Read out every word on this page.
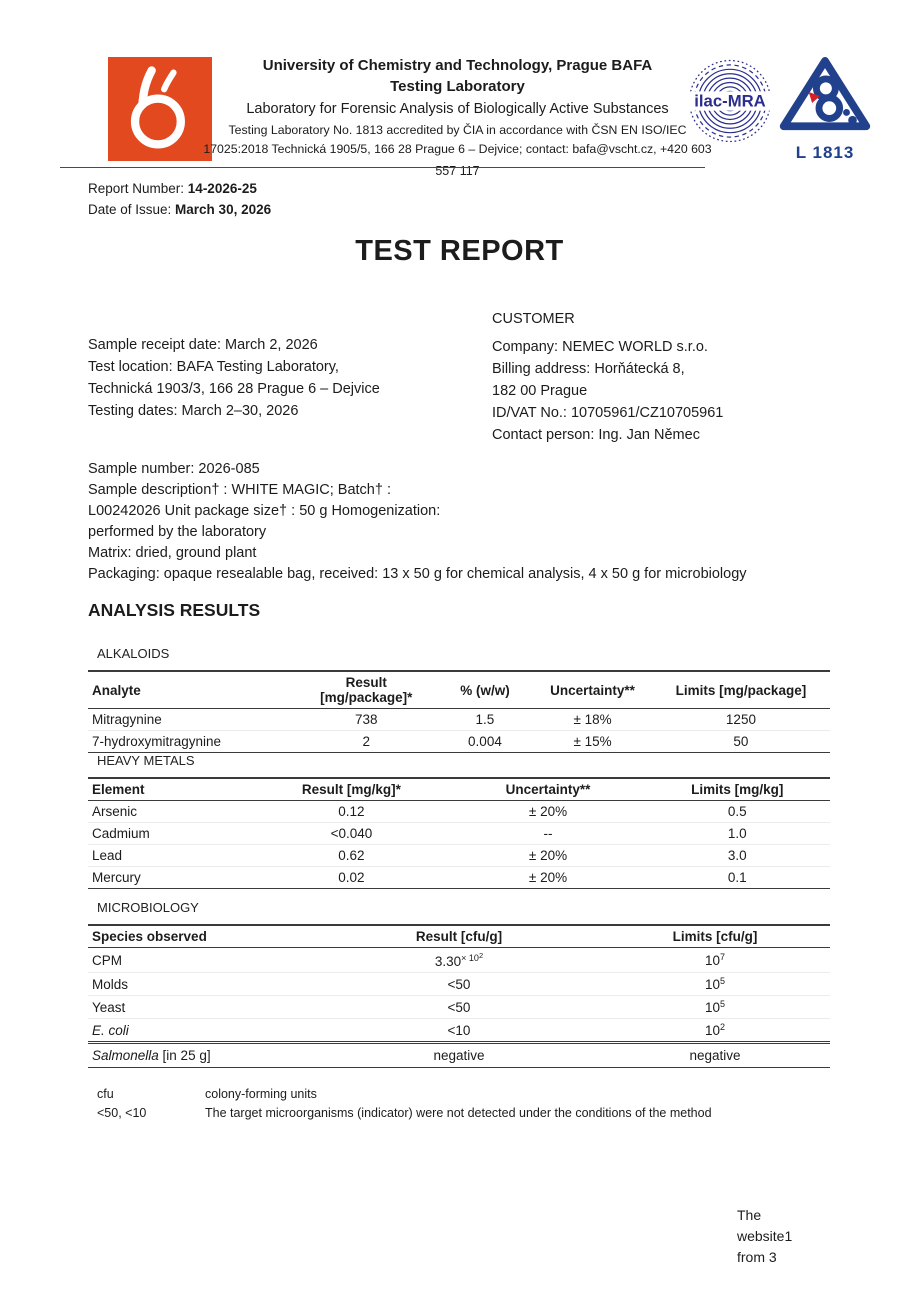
University of Chemistry and Technology, Prague BAFA
Testing Laboratory
Laboratory for Forensic Analysis of Biologically Active Substances
Testing Laboratory No. 1813 accredited by ČIA in accordance with ČSN EN ISO/IEC
17025:2018 Technická 1905/5, 166 28 Prague 6 – Dejvice; contact: bafa@vscht.cz, +420 603
557 117
ilac-MRA
L 1813
Report Number: 14-2026-25
Date of Issue: March 30, 2026
TEST REPORT
Sample receipt date: March 2, 2026
Test location: BAFA Testing Laboratory,
Technická 1903/3, 166 28 Prague 6 – Dejvice
Testing dates: March 2–30, 2026
CUSTOMER
Company: NEMEC WORLD s.r.o.
Billing address: Horňátecká 8,
182 00 Prague
ID/VAT No.: 10705961/CZ10705961
Contact person: Ing. Jan Němec
Sample number: 2026-085
Sample description† : WHITE MAGIC; Batch† :
L00242026 Unit package size† : 50 g Homogenization:
performed by the laboratory
Matrix: dried, ground plant
Packaging: opaque resealable bag, received: 13 x 50 g for chemical analysis, 4 x 50 g for microbiology
ANALYSIS RESULTS
ALKALOIDS
Analyte	Result [mg/package]*	% (w/w)	Uncertainty**	Limits [mg/package]
Mitragynine	738	1.5	± 18%	1250
7-hydroxymitragynine	2	0.004	± 15%	50
HEAVY METALS
Element	Result [mg/kg]*	Uncertainty**	Limits [mg/kg]
Arsenic	0.12	± 20%	0.5
Cadmium	<0.040	--	1.0
Lead	0.62	± 20%	3.0
Mercury	0.02	± 20%	0.1
MICROBIOLOGY
Species observed	Result [cfu/g]	Limits [cfu/g]
CPM	$3.30^{\times 102}$	$10^7$
Molds	<50	$10^5$
Yeast	<50	$10^5$
E. coli	<10	$10^2$
Salmonella [in 25 g]	negative	negative
cfu	colony-forming units
<50, <10	The target microorganisms (indicator) were not detected under the conditions of the method
The
website1
from 3
